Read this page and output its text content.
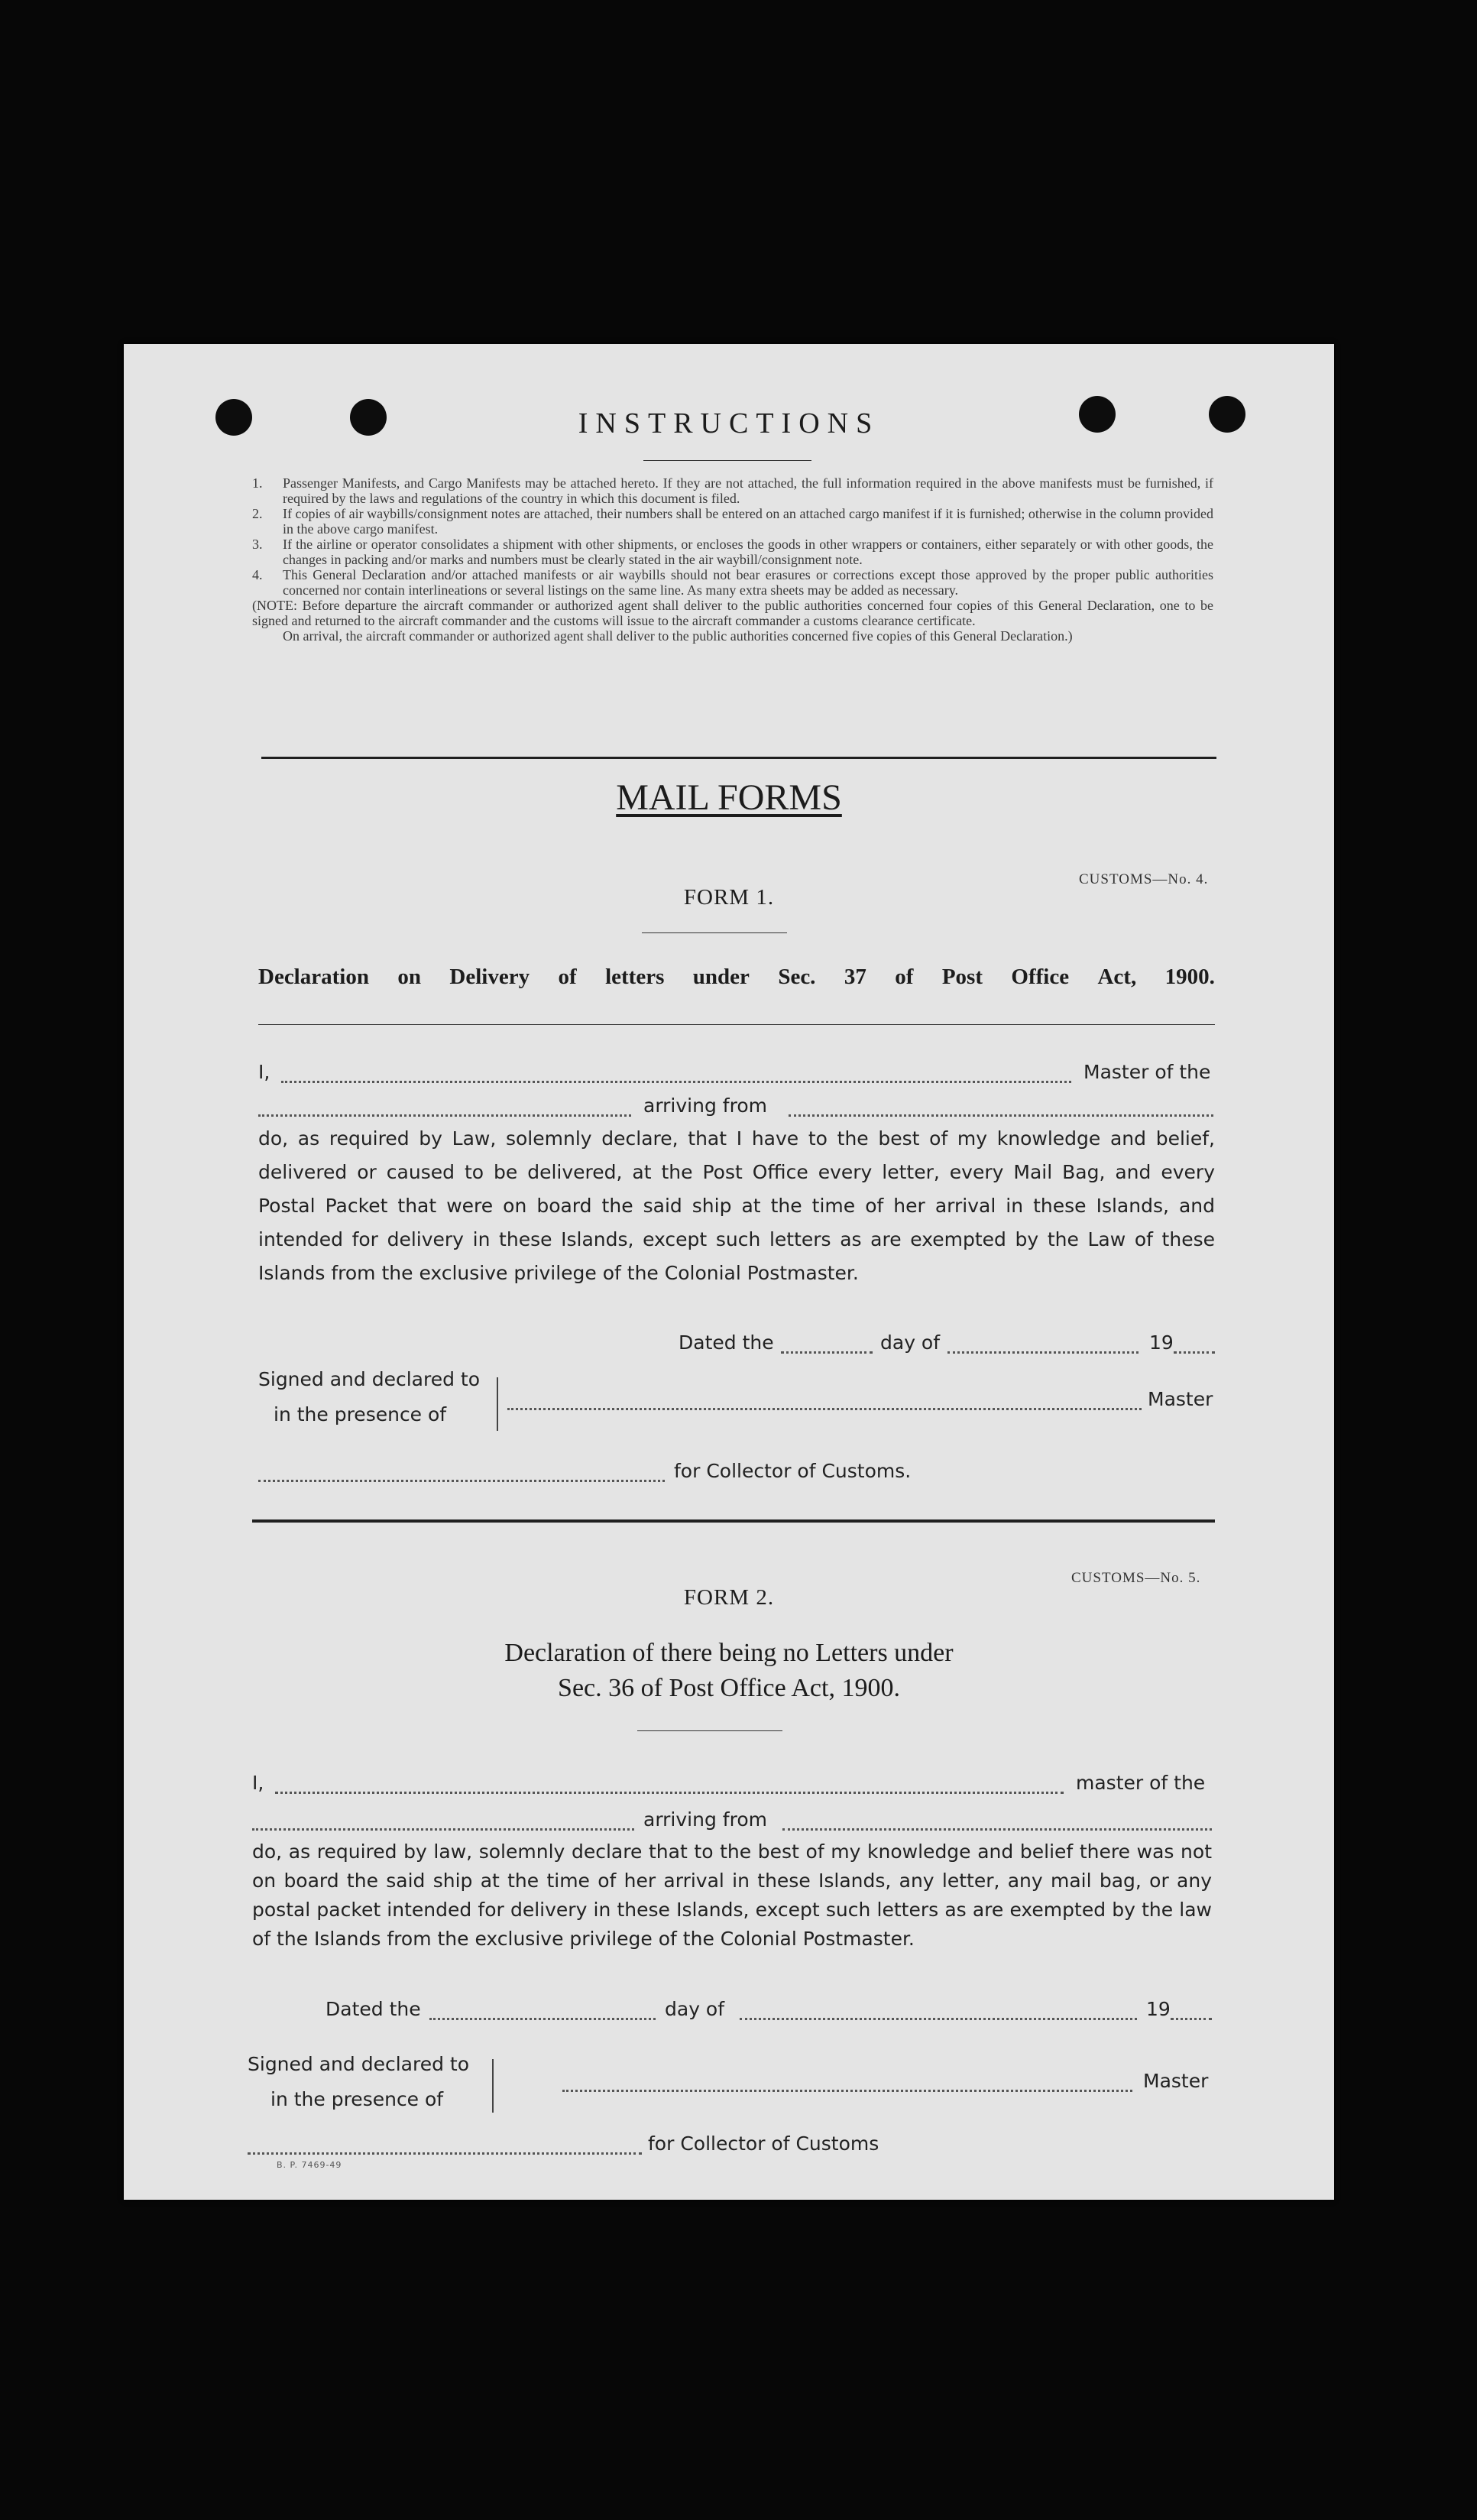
INSTRUCTIONS

1. Passenger Manifests, and Cargo Manifests may be attached hereto. If they are not attached, the full information required in the above manifests must be furnished, if required by the laws and regulations of the country in which this document is filed.

2. If copies of air waybills/consignment notes are attached, their numbers shall be entered on an attached cargo manifest if it is furnished; otherwise in the column provided in the above cargo manifest.

3. If the airline or operator consolidates a shipment with other shipments, or encloses the goods in other wrappers or containers, either separately or with other goods, the changes in packing and/or marks and numbers must be clearly stated in the air waybill/consignment note.

4. This General Declaration and/or attached manifests or air waybills should not bear erasures or corrections except those approved by the proper public authorities concerned nor contain interlineations or several listings on the same line. As many extra sheets may be added as necessary.

(NOTE: Before departure the aircraft commander or authorized agent shall deliver to the public authorities concerned four copies of this General Declaration, one to be signed and returned to the aircraft commander and the customs will issue to the aircraft commander a customs clearance certificate.

On arrival, the aircraft commander or authorized agent shall deliver to the public authorities concerned five copies of this General Declaration.)

MAIL FORMS
CUSTOMS—No. 4.
FORM 1.
Declaration on Delivery of letters under Sec. 37 of Post Office Act, 1900.
I,	Master of the
arriving from
do, as required by Law, solemnly declare, that I have to the best of my knowledge and belief, delivered or caused to be delivered, at the Post Office every letter, every Mail Bag, and every Postal Packet that were on board the said ship at the time of her arrival in these Islands, and intended for delivery in these Islands, except such letters as are exempted by the Law of these Islands from the exclusive privilege of the Colonial Postmaster.
Dated the	day of	19
Signed and declared to
in the presence of
Master
for Collector of Customs.
CUSTOMS—No. 5.
FORM 2.
Declaration of there being no Letters under
Sec. 36 of Post Office Act, 1900.
I,	master of the
arriving from
do, as required by law, solemnly declare that to the best of my knowledge and belief there was not on board the said ship at the time of her arrival in these Islands, any letter, any mail bag, or any postal packet intended for delivery in these Islands, except such letters as are exempted by the law of the Islands from the exclusive privilege of the Colonial Postmaster.
Dated the	day of	19
Signed and declared to
in the presence of
Master
for Collector of Customs
B. P. 7469-49
